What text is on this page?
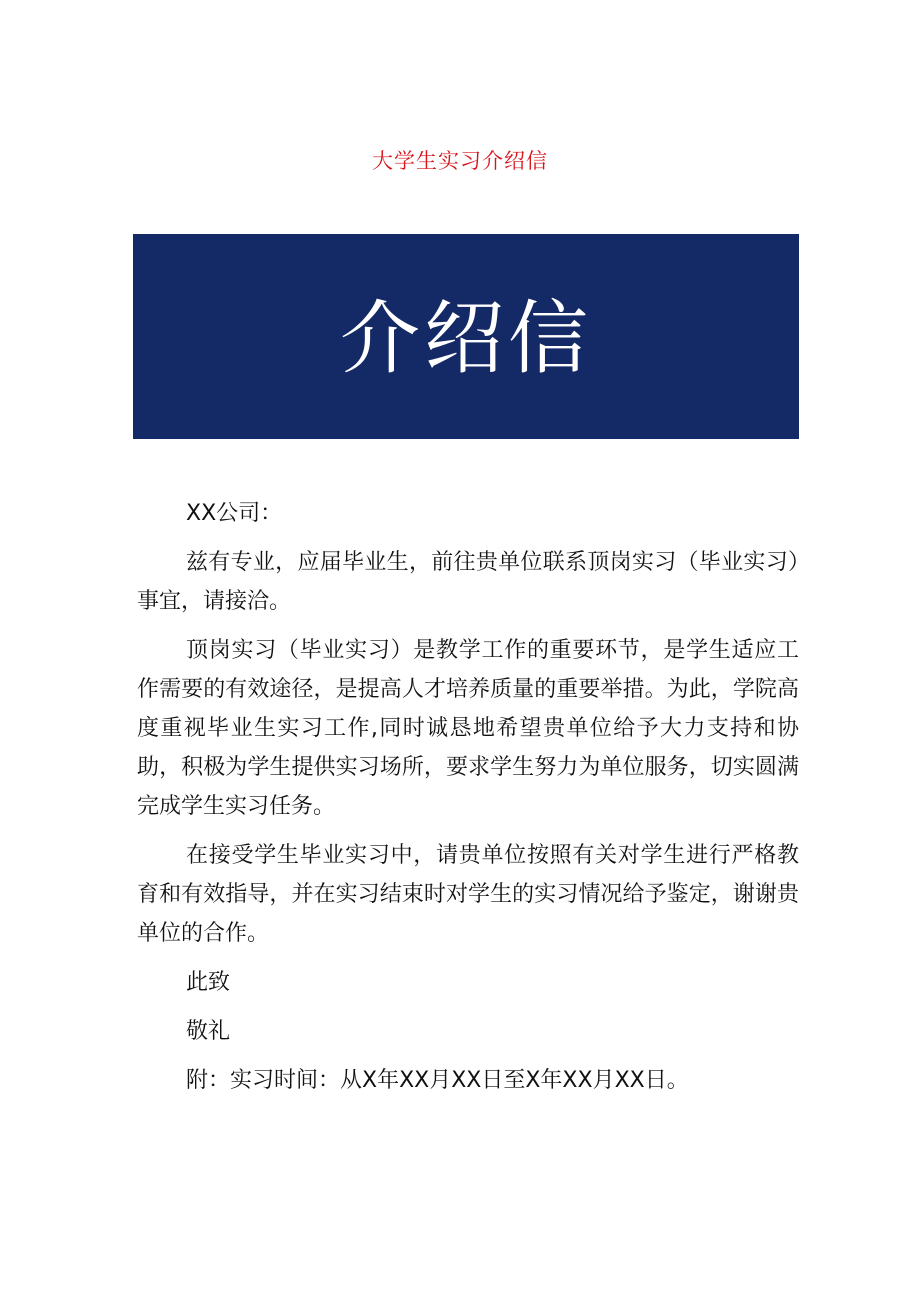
大学生实习介绍信
介绍信

XX公司：

兹有专业，应届毕业生，前往贵单位联系顶岗实习（毕业实习）事宜，请接洽。

顶岗实习（毕业实习）是教学工作的重要环节，是学生适应工作需要的有效途径，是提高人才培养质量的重要举措。为此，学院高度重视毕业生实习工作,同时诚恳地希望贵单位给予大力支持和协助，积极为学生提供实习场所，要求学生努力为单位服务，切实圆满完成学生实习任务。

在接受学生毕业实习中，请贵单位按照有关对学生进行严格教育和有效指导，并在实习结束时对学生的实习情况给予鉴定，谢谢贵单位的合作。

此致

敬礼

附：实习时间：从X年XX月XX日至X年XX月XX日。
